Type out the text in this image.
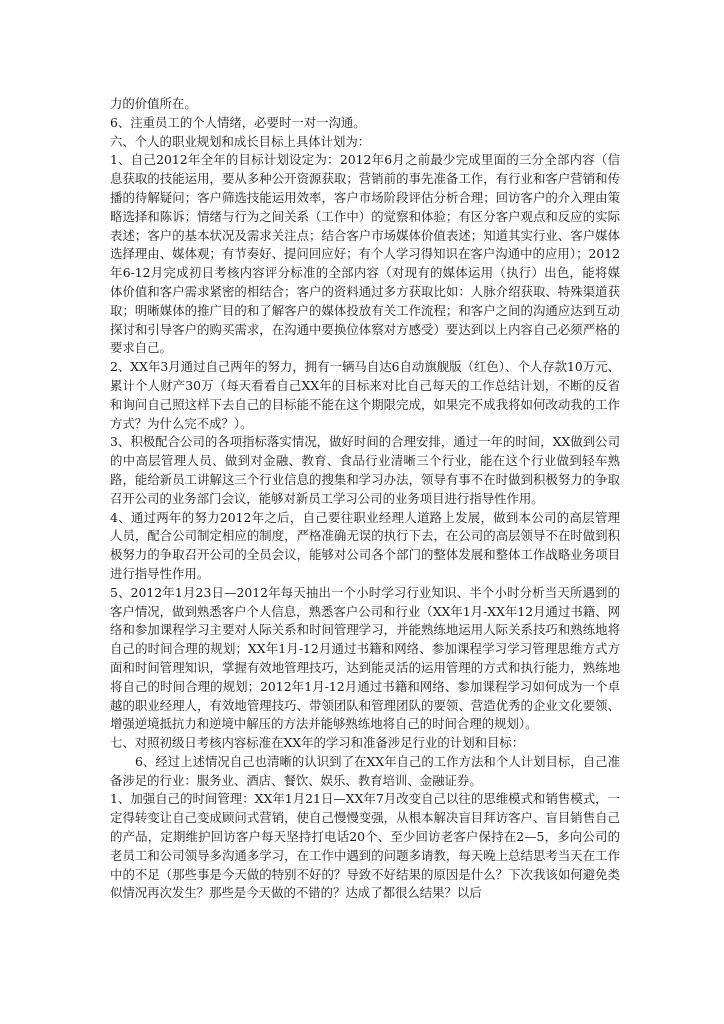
力的价值所在。

6、注重员工的个人情绪，必要时一对一沟通。

六、个人的职业规划和成长目标上具体计划为：

1、自己2012年全年的目标计划设定为：2012年6月之前最少完成里面的三分全部内容（信息获取的技能运用，要从多种公开资源获取；营销前的事先准备工作，有行业和客户营销和传播的待解疑问；客户筛选技能运用效率，客户市场阶段评估分析合理；回访客户的介入理由策略选择和陈诉；情绪与行为之间关系（工作中）的觉察和体验；有区分客户观点和反应的实际表述；客户的基本状况及需求关注点；结合客户市场媒体价值表述；知道其实行业、客户媒体选择理由、媒体观；有节奏好、提问回应好；有个人学习得知识在客户沟通中的应用）；2012年6-12月完成初日考核内容评分标准的全部内容（对现有的媒体运用（执行）出色，能将媒体价值和客户需求紧密的相结合；客户的资料通过多方获取比如：人脉介绍获取、特殊渠道获取；明晰媒体的推广目的和了解客户的媒体投放有关工作流程；和客户之间的沟通应达到互动探讨和引导客户的购买需求，在沟通中要换位体察对方感受）要达到以上内容自己必须严格的要求自己。

2、XX年3月通过自己两年的努力，拥有一辆马自达6自动旗舰版（红色）、个人存款10万元、累计个人财产30万（每天看看自己XX年的目标来对比自己每天的工作总结计划，不断的反省和询问自己照这样下去自己的目标能不能在这个期限完成，如果完不成我将如何改动我的工作方式？为什么完不成？）。

3、积极配合公司的各项指标落实情况，做好时间的合理安排，通过一年的时间，XX做到公司的中高层管理人员、做到对金融、教育、食品行业清晰三个行业，能在这个行业做到轻车熟路，能给新员工讲解这三个行业信息的搜集和学习办法，领导有事不在时做到积极努力的争取召开公司的业务部门会议，能够对新员工学习公司的业务项目进行指导性作用。

4、通过两年的努力2012年之后，自己要往职业经理人道路上发展，做到本公司的高层管理人员，配合公司制定相应的制度，严格准确无误的执行下去，在公司的高层领导不在时做到积极努力的争取召开公司的全员会议，能够对公司各个部门的整体发展和整体工作战略业务项目进行指导性作用。

5、2012年1月23日—2012年每天抽出一个小时学习行业知识、半个小时分析当天所遇到的客户情况，做到熟悉客户个人信息，熟悉客户公司和行业（XX年1月-XX年12月通过书籍、网络和参加课程学习主要对人际关系和时间管理学习，并能熟练地运用人际关系技巧和熟练地将自己的时间合理的规划；XX年1月-12月通过书籍和网络、参加课程学习学习管理思维方式方面和时间管理知识，掌握有效地管理技巧，达到能灵活的运用管理的方式和执行能力，熟练地将自己的时间合理的规划；2012年1月-12月通过书籍和网络、参加课程学习如何成为一个卓越的职业经理人，有效地管理技巧、带领团队和管理团队的要领、营造优秀的企业文化要领、增强逆境抵抗力和逆境中解压的方法并能够熟练地将自己的时间合理的规划）。

七、对照初级日考核内容标准在XX年的学习和准备涉足行业的计划和目标：

6、经过上述情况自己也清晰的认识到了在XX年自己的工作方法和个人计划目标，自己准备涉足的行业：服务业、酒店、餐饮、娱乐、教育培训、金融证券。

1、加强自己的时间管理：XX年1月21日—XX年7月改变自己以往的思维模式和销售模式，一定得转变让自己变成顾问式营销，使自己慢慢变强，从根本解决盲目拜访客户、盲目销售自己的产品，定期维护回访客户每天坚持打电话20个、至少回访老客户保持在2—5，多向公司的老员工和公司领导多沟通多学习，在工作中遇到的问题多请教，每天晚上总结思考当天在工作中的不足（那些事是今天做的特别不好的？导致不好结果的原因是什么？下次我该如何避免类似情况再次发生？那些是今天做的不错的？达成了都很么结果？以后
